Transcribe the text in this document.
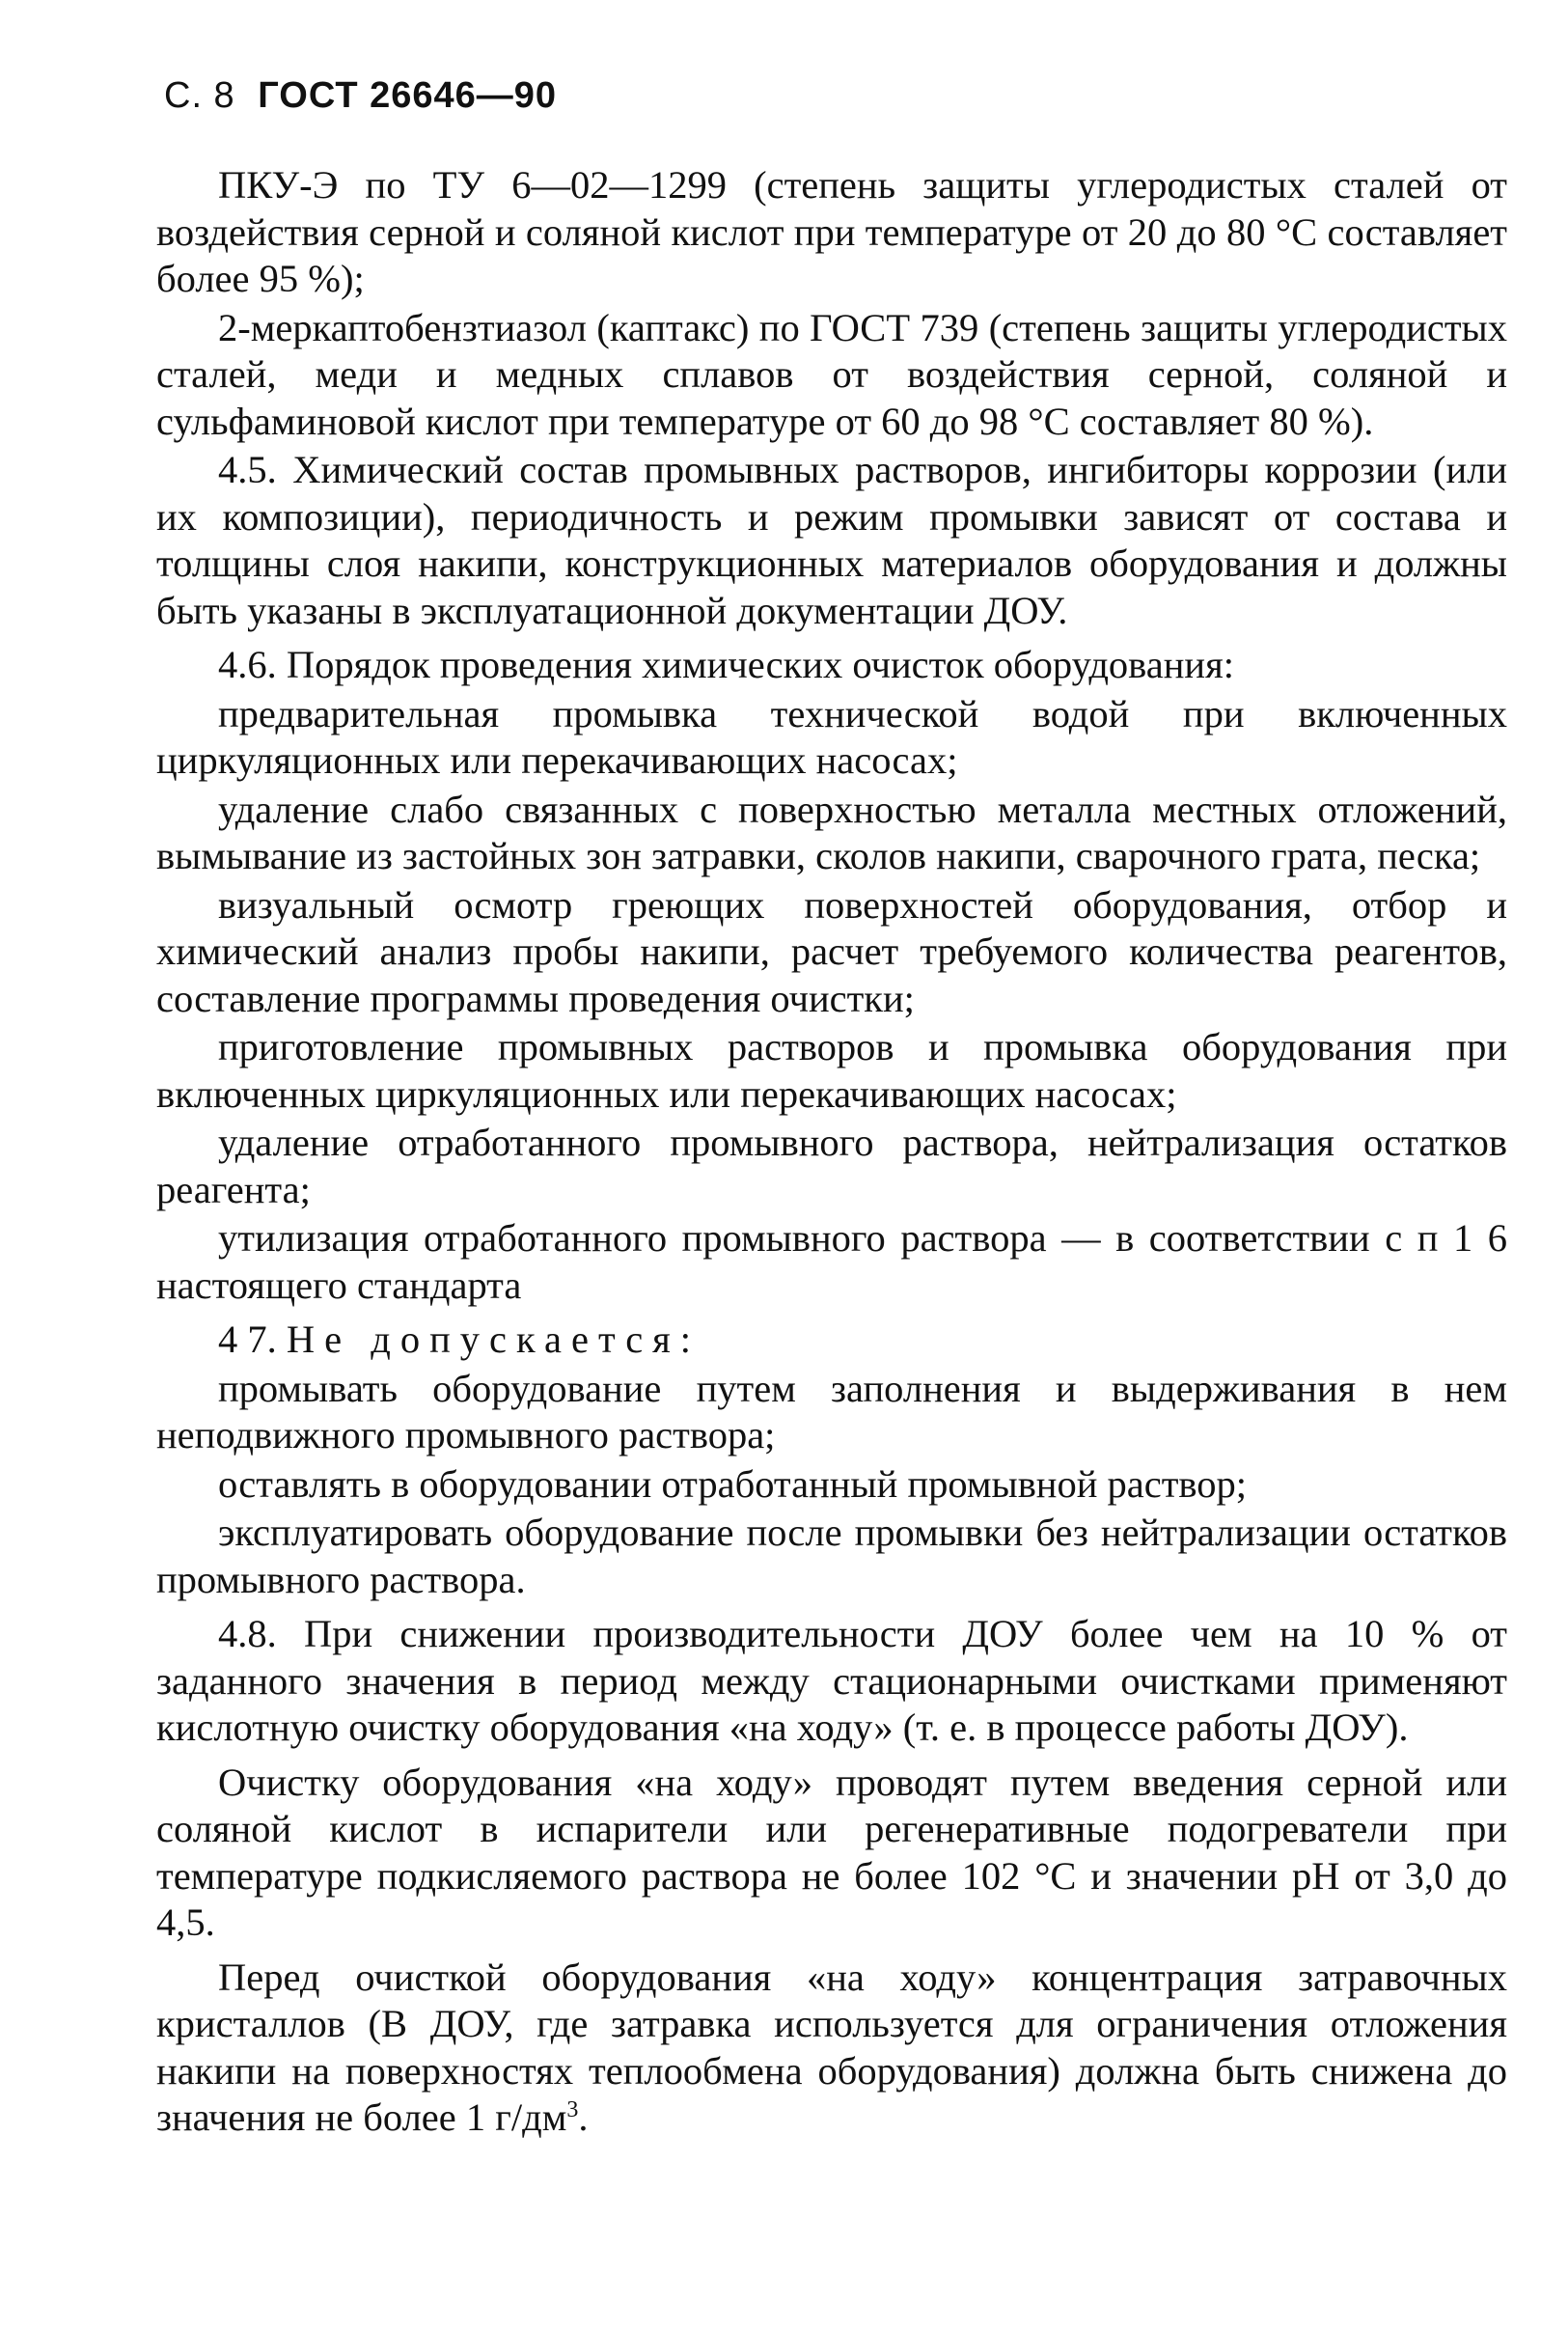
С. 8 ГОСТ 26646—90

ПКУ-Э по ТУ 6—02—1299 (степень защиты углеродистых сталей от воздействия серной и соляной кислот при температуре от 20 до 80 °С составляет более 95 %);

2-меркаптобензтиазол (каптакс) по ГОСТ 739 (степень защиты углеродистых сталей, меди и медных сплавов от воздействия серной, соляной и сульфаминовой кислот при температуре от 60 до 98 °С составляет 80 %).

4.5. Химический состав промывных растворов, ингибиторы коррозии (или их композиции), периодичность и режим промывки зависят от состава и толщины слоя накипи, конструкционных материалов оборудования и должны быть указаны в эксплуатационной документации ДОУ.

4.6. Порядок проведения химических очисток оборудования:

предварительная промывка технической водой при включенных циркуляционных или перекачивающих насосах;

удаление слабо связанных с поверхностью металла местных отложений, вымывание из застойных зон затравки, сколов накипи, сварочного грата, песка;

визуальный осмотр греющих поверхностей оборудования, отбор и химический анализ пробы накипи, расчет требуемого количества реагентов, составление программы проведения очистки;

приготовление промывных растворов и промывка оборудования при включенных циркуляционных или перекачивающих насосах;

удаление отработанного промывного раствора, нейтрализация остатков реагента;

утилизация отработанного промывного раствора — в соответствии с п 1 6 настоящего стандарта

4 7. Не допускается:

промывать оборудование путем заполнения и выдерживания в нем неподвижного промывного раствора;

оставлять в оборудовании отработанный промывной раствор;

эксплуатировать оборудование после промывки без нейтрализации остатков промывного раствора.

4.8. При снижении производительности ДОУ более чем на 10 % от заданного значения в период между стационарными очистками применяют кислотную очистку оборудования «на ходу» (т. е. в процессе работы ДОУ).

Очистку оборудования «на ходу» проводят путем введения серной или соляной кислот в испарители или регенеративные подогреватели при температуре подкисляемого раствора не более 102 °С и значении pH от 3,0 до 4,5.

Перед очисткой оборудования «на ходу» концентрация затравочных кристаллов (В ДОУ, где затравка используется для ограничения отложения накипи на поверхностях теплообмена оборудования) должна быть снижена до значения не более 1 $г/дм^3$.
